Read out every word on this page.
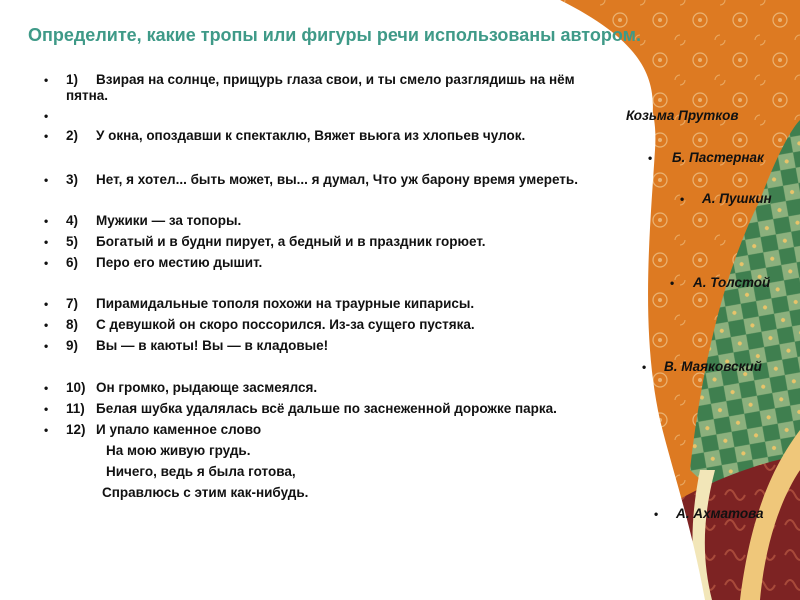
Определите, какие тропы или фигуры речи использованы автором.
• 1) Взирая на солнце, прищурь глаза свои, и ты смело разглядишь на нём
пятна.
•	Козьма Прутков
• 2) У окна, опоздавши к спектаклю, Вяжет вьюга из хлопьев чулок.
• Б. Пастернак
• 3) Нет, я хотел... быть может, вы... я думал, Что уж барону время умереть.
• А. Пушкин
• 4) Мужики — за топоры.
• 5) Богатый и в будни пирует, а бедный и в праздник горюет.
• 6) Перо его местию дышит.
• А. Толстой
• 7) Пирамидальные тополя похожи на траурные кипарисы.
• 8) С девушкой он скоро поссорился. Из-за сущего пустяка.
• 9) Вы — в каюты! Вы — в кладовые!
• В. Маяковский
• 10) Он громко, рыдающе засмеялся.
• 11) Белая шубка удалялась всё дальше по заснеженной дорожке парка.
• 12) И упало каменное слово
На мою живую грудь.
Ничего, ведь я была готова,
Справлюсь с этим как-нибудь.
• А. Ахматова
